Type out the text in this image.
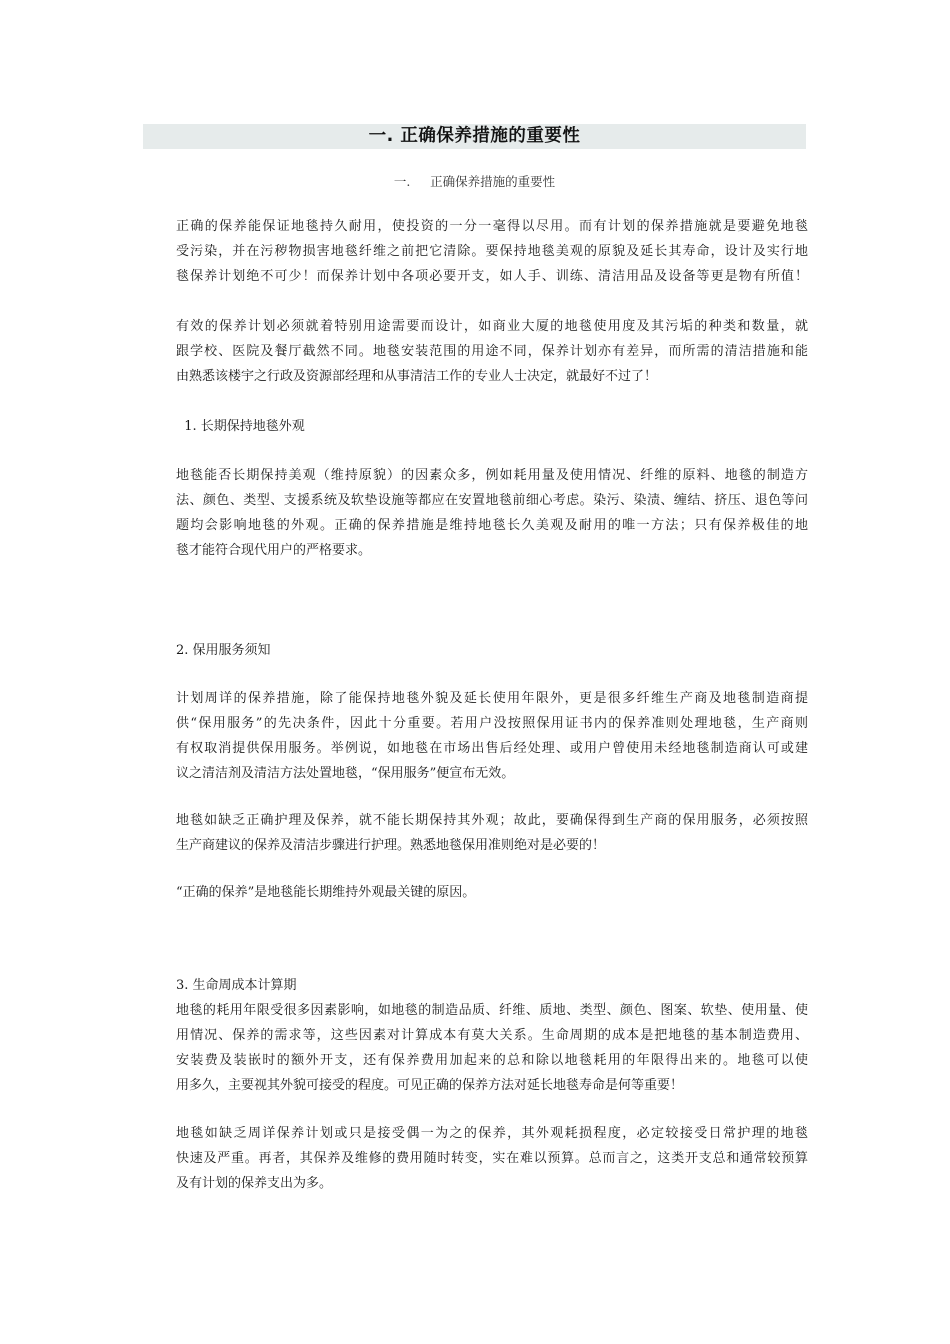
一. 正确保养措施的重要性
一.     正确保养措施的重要性
正确的保养能保证地毯持久耐用，使投资的一分一毫得以尽用。而有计划的保养措施就是要避免地毯
受污染，并在污秽物损害地毯纤维之前把它清除。要保持地毯美观的原貌及延长其寿命，设计及实行地
毯保养计划绝不可少！而保养计划中各项必要开支，如人手、训练、清洁用品及设备等更是物有所值！
有效的保养计划必须就着特别用途需要而设计，如商业大厦的地毯使用度及其污垢的种类和数量，就
跟学校、医院及餐厅截然不同。地毯安装范围的用途不同，保养计划亦有差异，而所需的清洁措施和能
由熟悉该楼宇之行政及资源部经理和从事清洁工作的专业人士决定，就最好不过了！
1. 长期保持地毯外观
地毯能否长期保持美观（维持原貌）的因素众多，例如耗用量及使用情况、纤维的原料、地毯的制造方
法、颜色、类型、支援系统及软垫设施等都应在安置地毯前细心考虑。染污、染渍、缠结、挤压、退色等问
题均会影响地毯的外观。正确的保养措施是维持地毯长久美观及耐用的唯一方法；只有保养极佳的地
毯才能符合现代用户的严格要求。
2. 保用服务须知
计划周详的保养措施，除了能保持地毯外貌及延长使用年限外，更是很多纤维生产商及地毯制造商提
供“保用服务”的先决条件，因此十分重要。若用户没按照保用证书内的保养准则处理地毯，生产商则
有权取消提供保用服务。举例说，如地毯在市场出售后经处理、或用户曾使用未经地毯制造商认可或建
议之清洁剂及清洁方法处置地毯，“保用服务”便宣布无效。
地毯如缺乏正确护理及保养，就不能长期保持其外观；故此，要确保得到生产商的保用服务，必须按照
生产商建议的保养及清洁步骤进行护理。熟悉地毯保用准则绝对是必要的！
“正确的保养”是地毯能长期维持外观最关键的原因。
3. 生命周成本计算期
地毯的耗用年限受很多因素影响，如地毯的制造品质、纤维、质地、类型、颜色、图案、软垫、使用量、使
用情况、保养的需求等，这些因素对计算成本有莫大关系。生命周期的成本是把地毯的基本制造费用、
安装费及装嵌时的额外开支，还有保养费用加起来的总和除以地毯耗用的年限得出来的。地毯可以使
用多久，主要视其外貌可接受的程度。可见正确的保养方法对延长地毯寿命是何等重要！
地毯如缺乏周详保养计划或只是接受偶一为之的保养，其外观耗损程度，必定较接受日常护理的地毯
快速及严重。再者，其保养及维修的费用随时转变，实在难以预算。总而言之，这类开支总和通常较预算
及有计划的保养支出为多。
